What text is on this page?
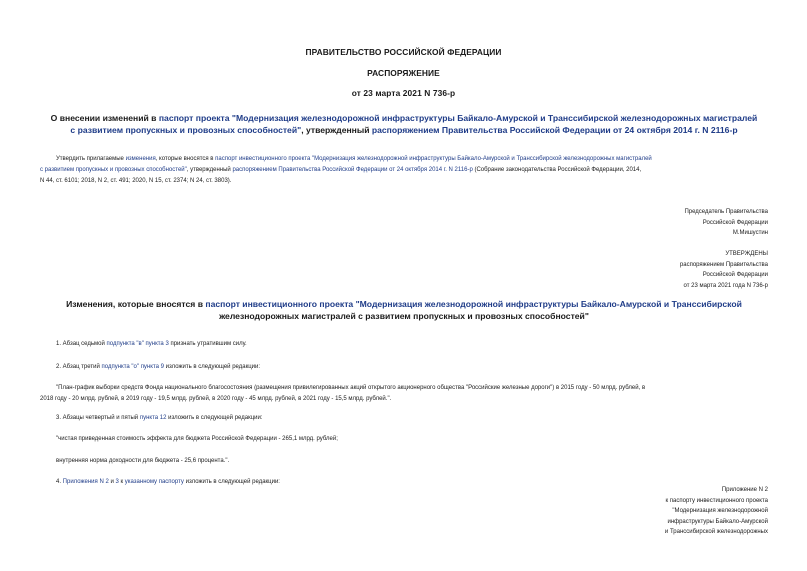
ПРАВИТЕЛЬСТВО РОССИЙСКОЙ ФЕДЕРАЦИИ
РАСПОРЯЖЕНИЕ
от 23 марта 2021 N 736-р
О внесении изменений в паспорт проекта "Модернизация железнодорожной инфраструктуры Байкало-Амурской и Транссибирской железнодорожных магистралей
с развитием пропускных и провозных способностей", утвержденный распоряжением Правительства Российской Федерации от 24 октября 2014 г. N 2116-р
Утвердить прилагаемые изменения, которые вносятся в паспорт инвестиционного проекта "Модернизация железнодорожной инфраструктуры Байкало-Амурской и Транссибирской железнодорожных магистралей
с развитием пропускных и провозных способностей", утвержденный распоряжением Правительства Российской Федерации от 24 октября 2014 г. N 2116-р (Собрание законодательства Российской Федерации, 2014,
N 44, ст. 6101; 2018, N 2, ст. 491; 2020, N 15, ст. 2374; N 24, ст. 3803).
Председатель Правительства
Российской Федерации
М.Мишустин
УТВЕРЖДЕНЫ
распоряжением Правительства
Российской Федерации
от 23 марта 2021 года N 736-р
Изменения, которые вносятся в паспорт инвестиционного проекта "Модернизация железнодорожной инфраструктуры Байкало-Амурской и Транссибирской
железнодорожных магистралей с развитием пропускных и провозных способностей"
1. Абзац седьмой подпункта "в" пункта 3 признать утратившим силу.
2. Абзац третий подпункта "о" пункта 9 изложить в следующей редакции:
"План-график выборки средств Фонда национального благосостояния (размещения привилегированных акций открытого акционерного общества "Российские железные дороги") в 2015 году - 50 млрд. рублей, в
2018 году - 20 млрд. рублей, в 2019 году - 19,5 млрд. рублей, в 2020 году - 45 млрд. рублей, в 2021 году - 15,5 млрд. рублей.".
3. Абзацы четвертый и пятый пункта 12 изложить в следующей редакции:
"чистая приведенная стоимость эффекта для бюджета Российской Федерации - 265,1 млрд. рублей;
внутренняя норма доходности для бюджета - 25,6 процента.".
4. Приложения N 2 и 3 к указанному паспорту изложить в следующей редакции:
Приложение N 2
к паспорту инвестиционного проекта
"Модернизация железнодорожной
инфраструктуры Байкало-Амурской
и Транссибирской железнодорожных
